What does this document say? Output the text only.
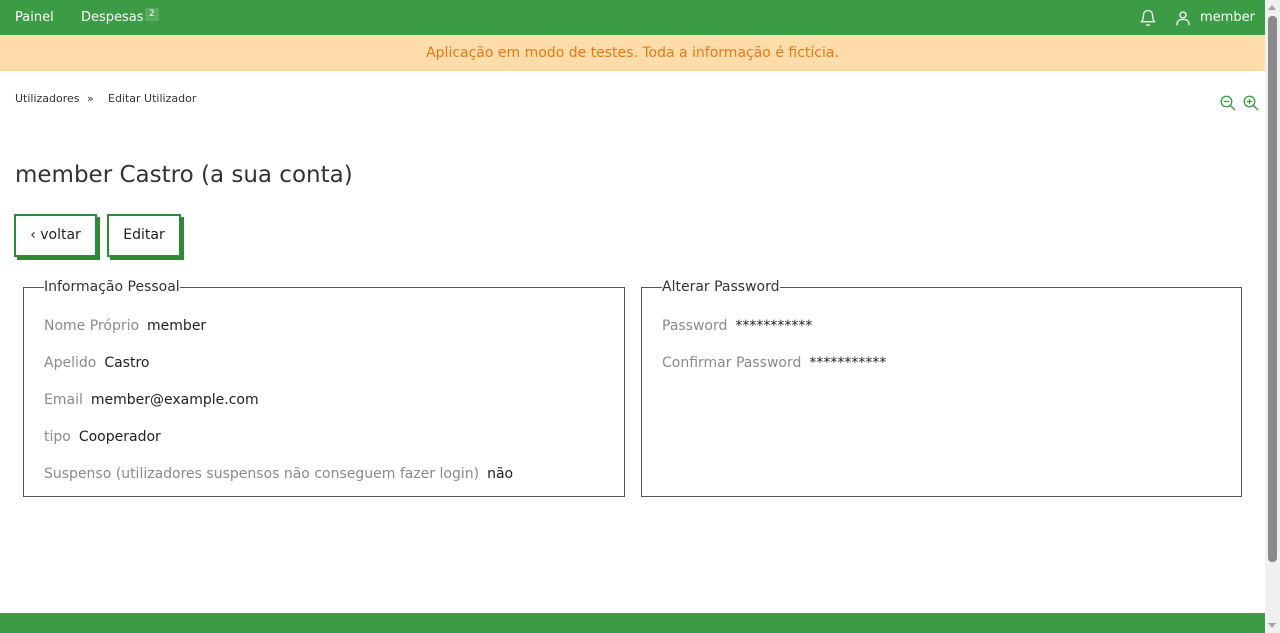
Painel Despesas 2	member
Aplicação em modo de testes. Toda a informação é fictícia.
Utilizadores » Editar Utilizador
member Castro (a sua conta)
‹ voltar	Editar
Informação Pessoal
Nome Próprio member
Apelido Castro
Email member@example.com
tipo Cooperador
Suspenso (utilizadores suspensos não conseguem fazer login) não
Alterar Password
Password ***********
Confirmar Password ***********
